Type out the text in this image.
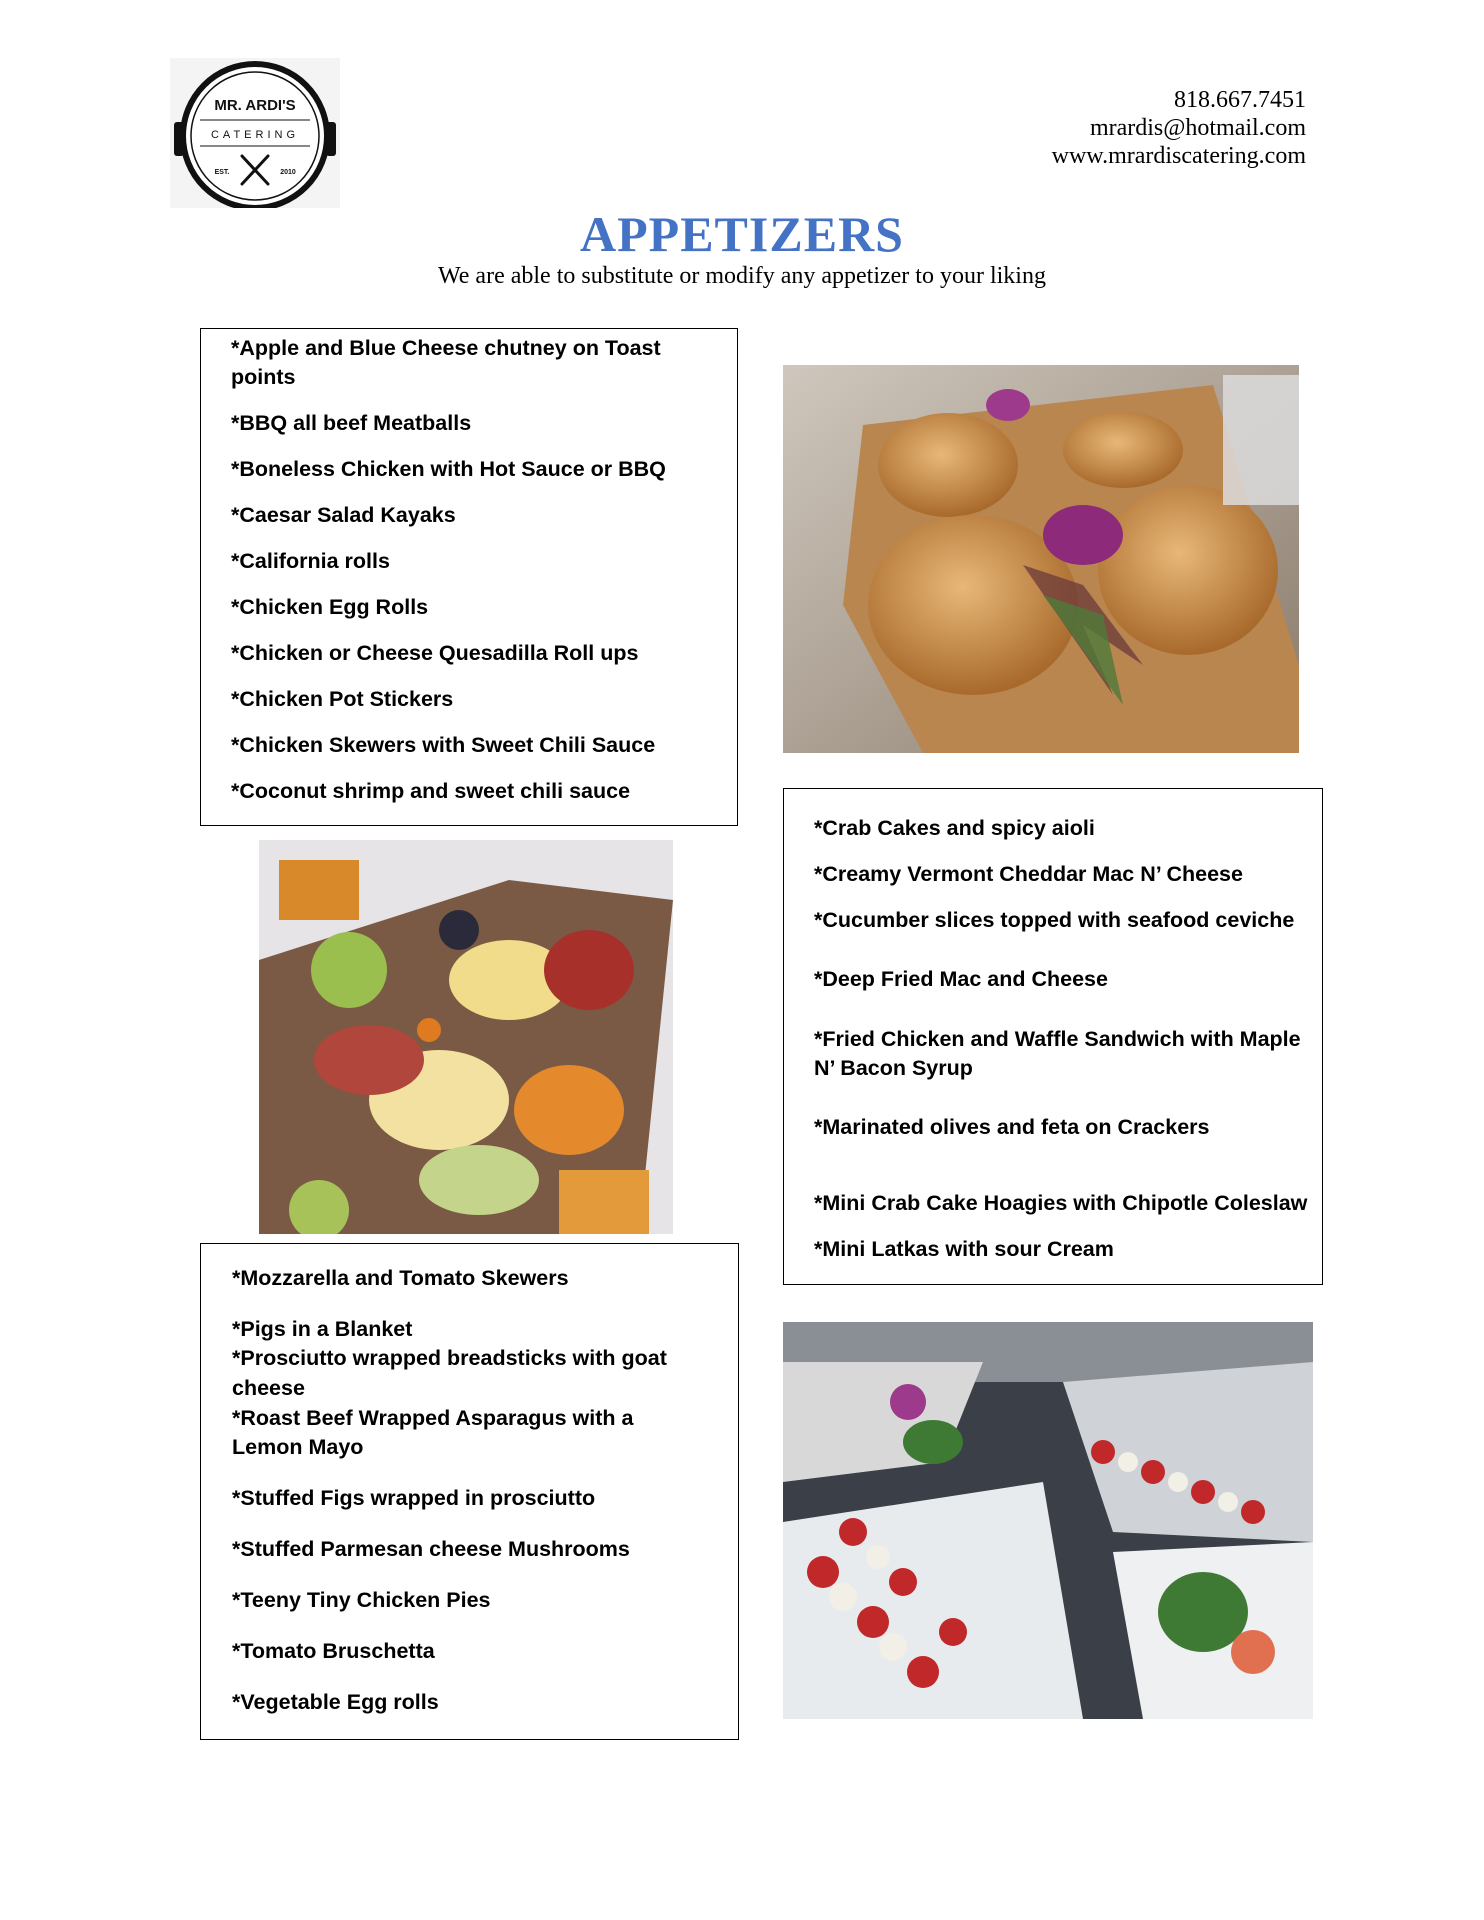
MR. ARDI'S
CATERING
EST.	2010
818.667.7451
mrardis@hotmail.com
www.mrardiscatering.com
APPETIZERS
We are able to substitute or modify any appetizer to your liking
*Apple and Blue Cheese chutney on Toast
points
*BBQ all beef Meatballs
*Boneless Chicken with Hot Sauce or BBQ
*Caesar Salad Kayaks
*California rolls
*Chicken Egg Rolls
*Chicken or Cheese Quesadilla Roll ups
*Chicken Pot Stickers
*Chicken Skewers with Sweet Chili Sauce
*Coconut shrimp and sweet chili sauce
*Crab Cakes and spicy aioli
*Creamy Vermont Cheddar Mac N’ Cheese
*Cucumber slices topped with seafood ceviche
*Deep Fried Mac and Cheese
*Fried Chicken and Waffle Sandwich with Maple
N’ Bacon Syrup
*Marinated olives and feta on Crackers
*Mini Crab Cake Hoagies with Chipotle Coleslaw
*Mini Latkas with sour Cream
*Mozzarella and Tomato Skewers
*Pigs in a Blanket
*Prosciutto wrapped breadsticks with goat
cheese
*Roast Beef Wrapped Asparagus with a
Lemon Mayo
*Stuffed Figs wrapped in prosciutto
*Stuffed Parmesan cheese Mushrooms
*Teeny Tiny Chicken Pies
*Tomato Bruschetta
*Vegetable Egg rolls
